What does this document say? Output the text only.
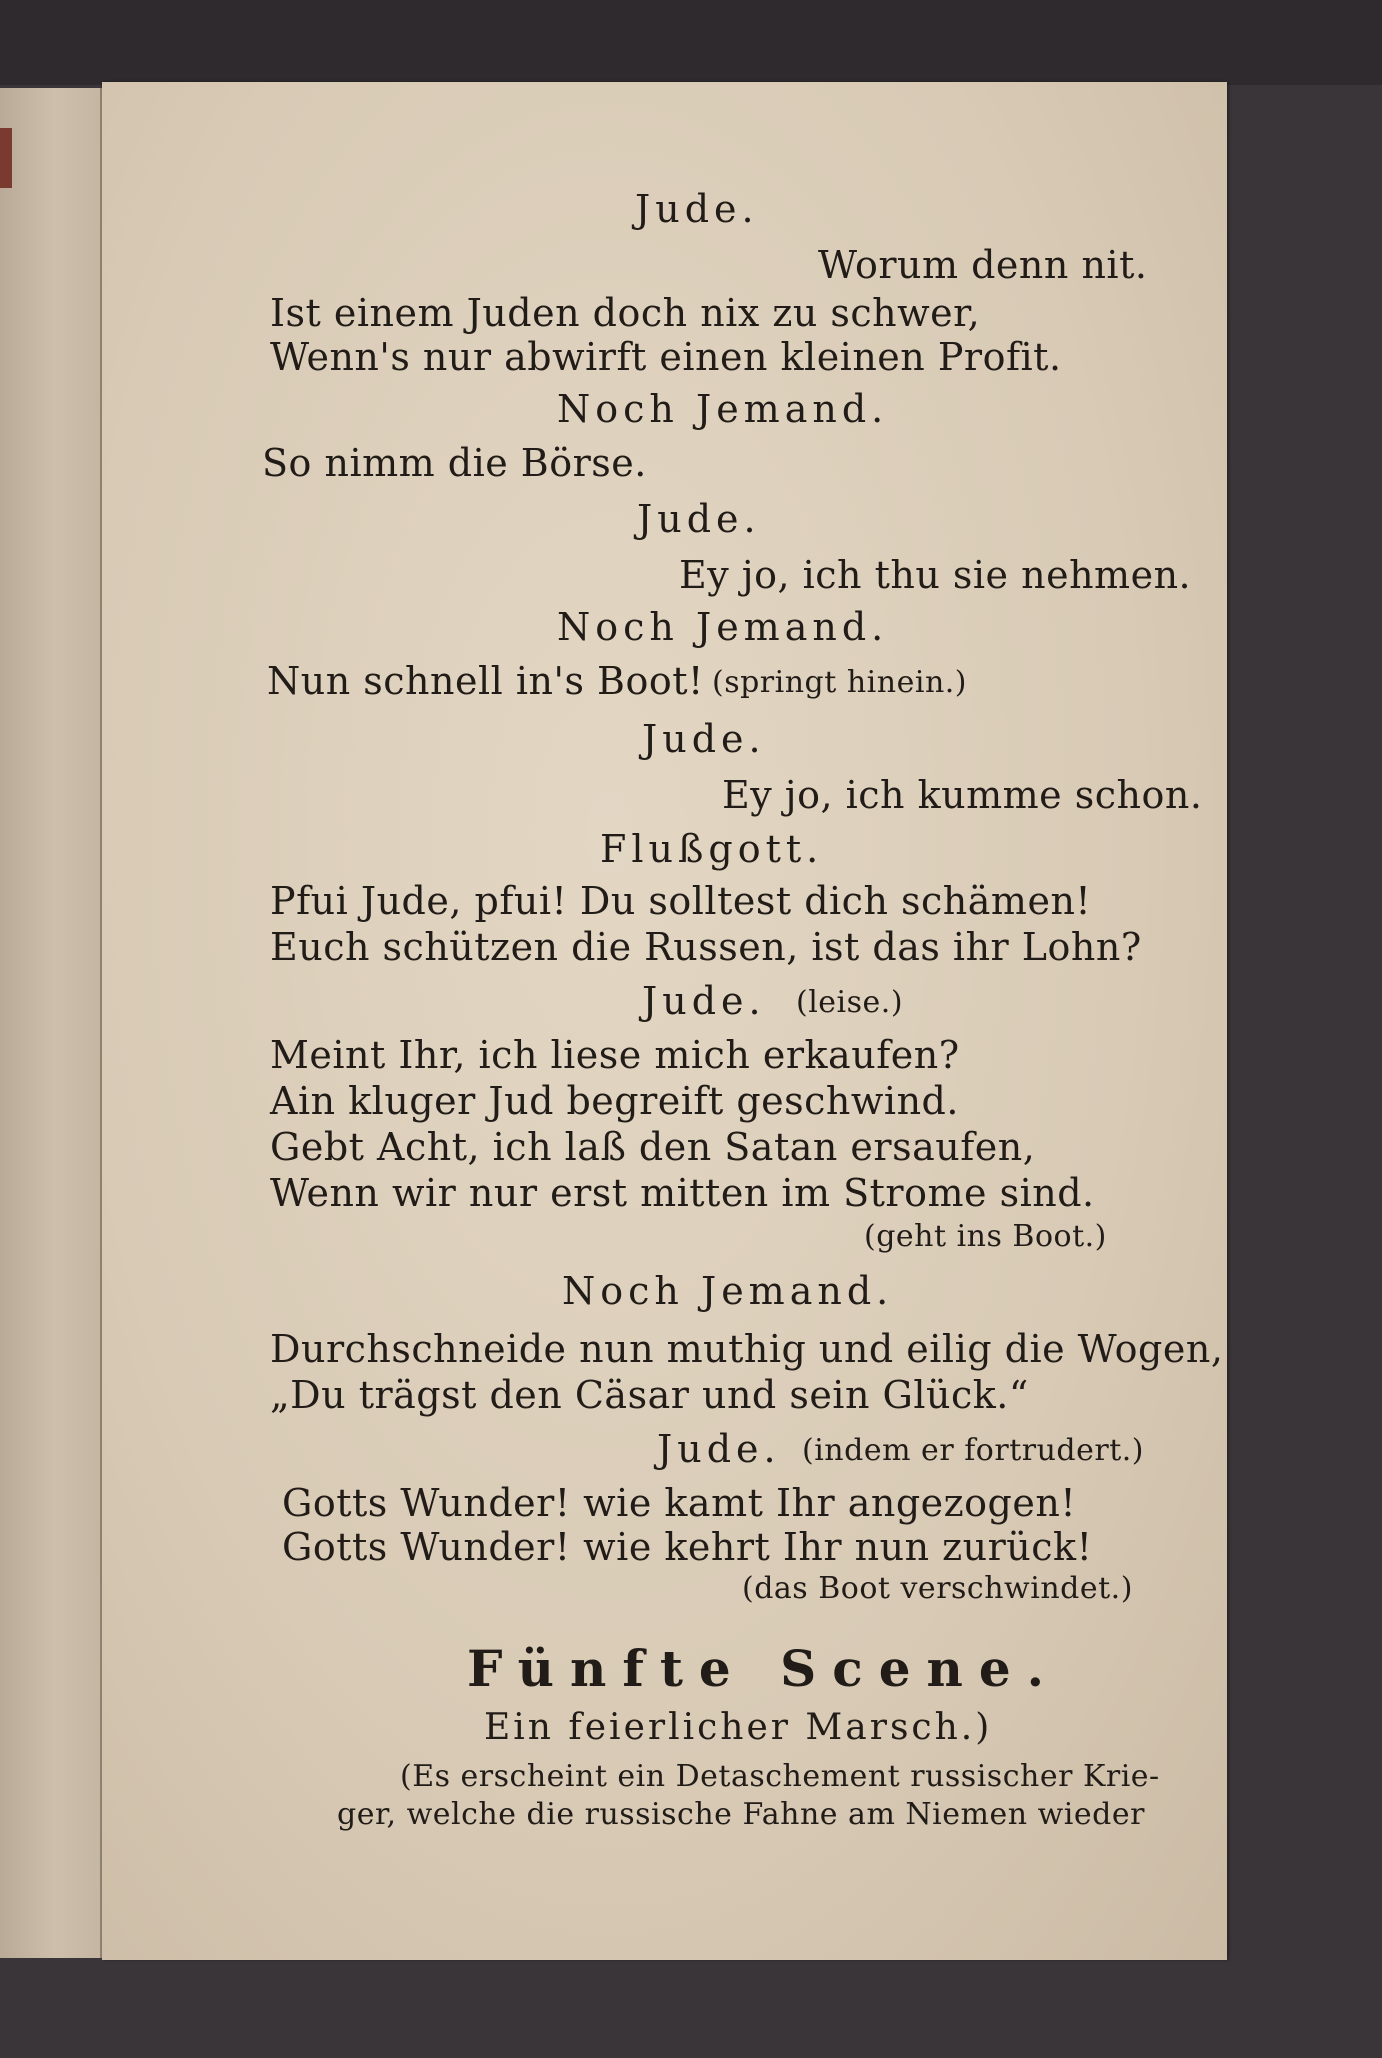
Jude.
Worum denn nit.
Ist einem Juden doch nix zu schwer,
Wenn's nur abwirft einen kleinen Profit.
Noch Jemand.
So nimm die Börse.
Jude.
Ey jo, ich thu sie nehmen.
Noch Jemand.
Nun schnell in's Boot! (springt hinein.)
Jude.
Ey jo, ich kumme schon.
Flußgott.
Pfui Jude, pfui! Du solltest dich schämen!
Euch schützen die Russen, ist das ihr Lohn?
Jude. (leise.)
Meint Ihr, ich liese mich erkaufen?
Ain kluger Jud begreift geschwind.
Gebt Acht, ich laß den Satan ersaufen,
Wenn wir nur erst mitten im Strome sind.
(geht ins Boot.)
Noch Jemand.
Durchschneide nun muthig und eilig die Wogen,
„Du trägst den Cäsar und sein Glück.“
Jude. (indem er fortrudert.)
Gotts Wunder! wie kamt Ihr angezogen!
Gotts Wunder! wie kehrt Ihr nun zurück!
(das Boot verschwindet.)
Fünfte Scene.
Ein feierlicher Marsch.)
(Es erscheint ein Detaschement russischer Krie-
ger, welche die russische Fahne am Niemen wieder
